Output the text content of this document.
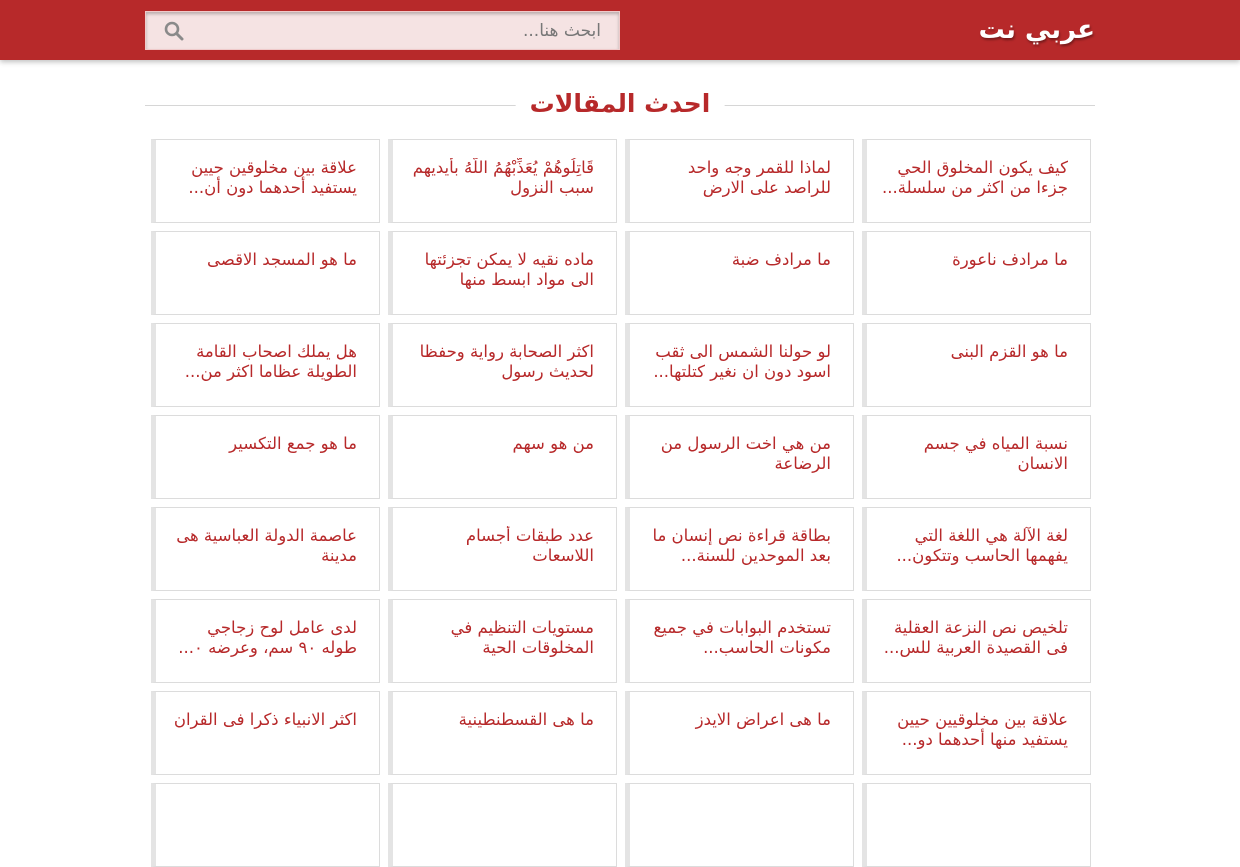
عربي نت
ابحث هنا...
احدث المقالات
كيف يكون المخلوق الحي جزءا من اكثر من سلسلة...
لماذا للقمر وجه واحد للراصد على الارض
قَاتِلُوهُمْ يُعَذِّبْهُمُ اللَّهُ بأيديهم سبب النزول
علاقة بين مخلوقين حيين يستفيد أحدهما دون أن...
ما مرادف ناعورة
ما مرادف ضبة
ماده نقيه لا يمكن تجزئتها الى مواد ابسط منها
ما هو المسجد الاقصى
ما هو القزم البنى
لو حولنا الشمس الى ثقب اسود دون ان نغير كتلتها...
اكثر الصحابة رواية وحفظا لحديث رسول
هل يملك اصحاب القامة الطويلة عظاما اكثر من...
نسبة المياه في جسم الانسان
من هي اخت الرسول من الرضاعة
من هو سهم
ما هو جمع التكسير
لغة الآلة هي اللغة التي يفهمها الحاسب وتتكون...
بطاقة قراءة نص إنسان ما بعد الموحدين للسنة...
عدد طبقات أجسام اللاسعات
عاصمة الدولة العباسية هى مدينة
تلخيص نص النزعة العقلية فى القصيدة العربية للس...
تستخدم البوابات في جميع مكونات الحاسب...
مستويات التنظيم في المخلوقات الحية
لدى عامل لوح زجاجي طوله ٩٠ سم، وعرضه ٠...
علاقة بين مخلوقيين حيين يستفيد منها أحدهما دو...
ما هى اعراض الايدز
ما هى القسطنطينية
اكثر الانبياء ذكرا فى القران
